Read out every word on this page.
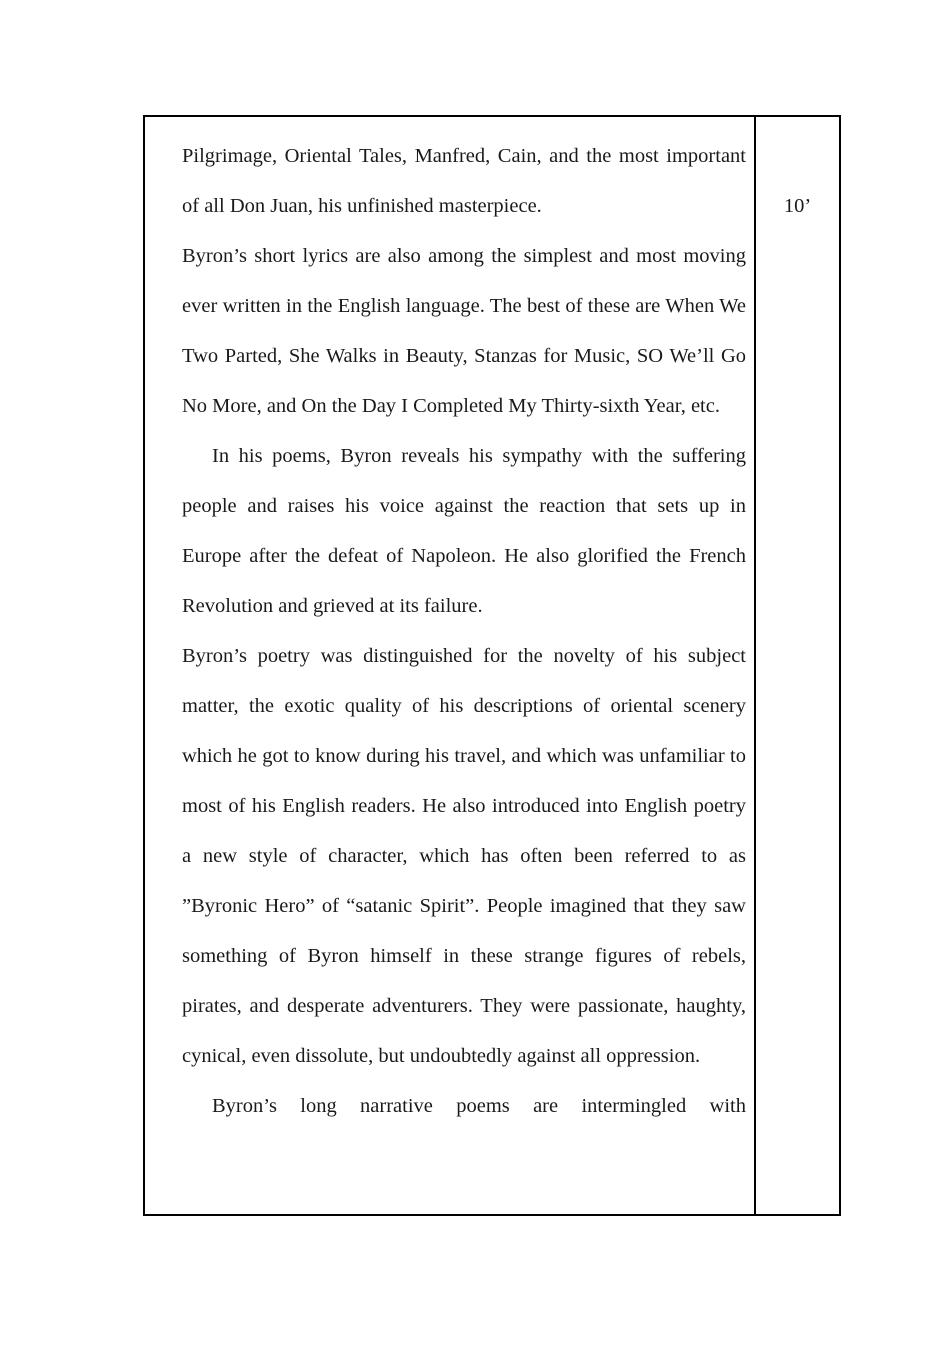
Pilgrimage, Oriental Tales, Manfred, Cain, and the most important of all Don Juan, his unfinished masterpiece.

Byron’s short lyrics are also among the simplest and most moving ever written in the English language. The best of these are When We Two Parted, She Walks in Beauty, Stanzas for Music, SO We’ll Go No More, and On the Day I Completed My Thirty-sixth Year, etc.

In his poems, Byron reveals his sympathy with the suffering people and raises his voice against the reaction that sets up in Europe after the defeat of Napoleon. He also glorified the French Revolution and grieved at its failure.

Byron’s poetry was distinguished for the novelty of his subject matter, the exotic quality of his descriptions of oriental scenery which he got to know during his travel, and which was unfamiliar to most of his English readers. He also introduced into English poetry a new style of character, which has often been referred to as ”Byronic Hero” of “satanic Spirit”. People imagined that they saw something of Byron himself in these strange figures of rebels, pirates, and desperate adventurers. They were passionate, haughty, cynical, even dissolute, but undoubtedly against all oppression.

Byron’s long narrative poems are intermingled with

10’
